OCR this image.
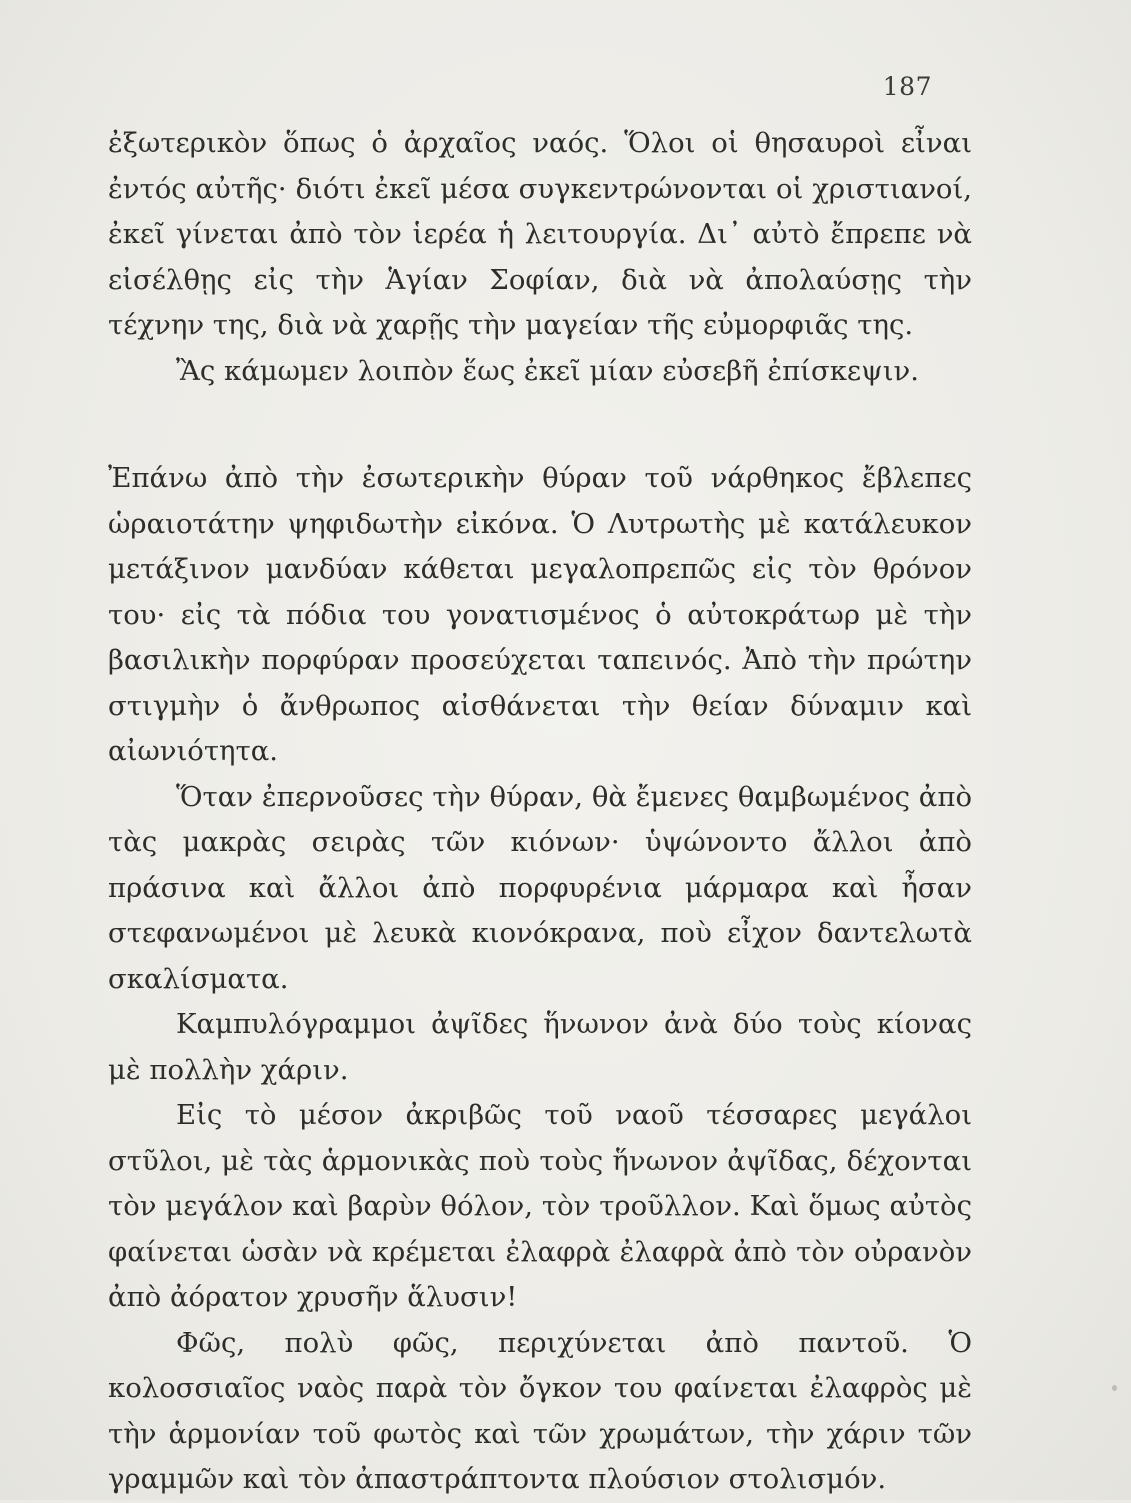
187

ἐξωτερικὸν ὅπως ὁ ἀρχαῖος ναός. Ὅλοι οἱ θησαυροὶ εἶναι ἐντός αὐτῆς· διότι ἐκεῖ μέσα συγκεντρώνονται οἱ χριστιανοί, ἐκεῖ γίνεται ἀπὸ τὸν ἱερέα ἡ λειτουργία. Δι᾽ αὐτὸ ἔπρεπε νὰ εἰσέλθῃς εἰς τὴν Ἁγίαν Σοφίαν, διὰ νὰ ἀπολαύσῃς τὴν τέχνην της, διὰ νὰ χαρῇς τὴν μαγείαν τῆς εὐμορφιᾶς της.

Ἂς κάμωμεν λοιπὸν ἕως ἐκεῖ μίαν εὐσεβῆ ἐπίσκεψιν.

Ἐπάνω ἀπὸ τὴν ἐσωτερικὴν θύραν τοῦ νάρθηκος ἔβλεπες ὡραιοτάτην ψηφιδωτὴν εἰκόνα. Ὁ Λυτρωτὴς μὲ κατάλευκον μετάξινον μανδύαν κάθεται μεγαλοπρεπῶς εἰς τὸν θρόνον του· εἰς τὰ πόδια του γονατισμένος ὁ αὐτοκράτωρ μὲ τὴν βασιλικὴν πορφύραν προσεύχεται ταπεινός. Ἀπὸ τὴν πρώτην στιγμὴν ὁ ἄνθρωπος αἰσθάνεται τὴν θείαν δύναμιν καὶ αἰωνιότητα.

Ὅταν ἐπερνοῦσες τὴν θύραν, θὰ ἔμενες θαμβωμένος ἀπὸ τὰς μακρὰς σειρὰς τῶν κιόνων· ὑψώνοντο ἄλλοι ἀπὸ πράσινα καὶ ἄλλοι ἀπὸ πορφυρένια μάρμαρα καὶ ἦσαν στεφανωμένοι μὲ λευκὰ κιονόκρανα, ποὺ εἶχον δαντελωτὰ σκαλίσματα.

Καμπυλόγραμμοι ἀψῖδες ἥνωνον ἀνὰ δύο τοὺς κίονας μὲ πολλὴν χάριν.

Εἰς τὸ μέσον ἀκριβῶς τοῦ ναοῦ τέσσαρες μεγάλοι στῦλοι, μὲ τὰς ἁρμονικὰς ποὺ τοὺς ἥνωνον ἀψῖδας, δέχονται τὸν μεγάλον καὶ βαρὺν θόλον, τὸν τροῦλλον. Καὶ ὅμως αὐτὸς φαίνεται ὡσὰν νὰ κρέμεται ἐλαφρὰ ἐλαφρὰ ἀπὸ τὸν οὐρανὸν ἀπὸ ἀόρατον χρυσῆν ἅλυσιν!

Φῶς, πολὺ φῶς, περιχύνεται ἀπὸ παντοῦ. Ὁ κολοσσιαῖος ναὸς παρὰ τὸν ὄγκον του φαίνεται ἐλαφρὸς μὲ τὴν ἁρμονίαν τοῦ φωτὸς καὶ τῶν χρωμάτων, τὴν χάριν τῶν γραμμῶν καὶ τὸν ἀπαστράπτοντα πλούσιον στολισμόν.
